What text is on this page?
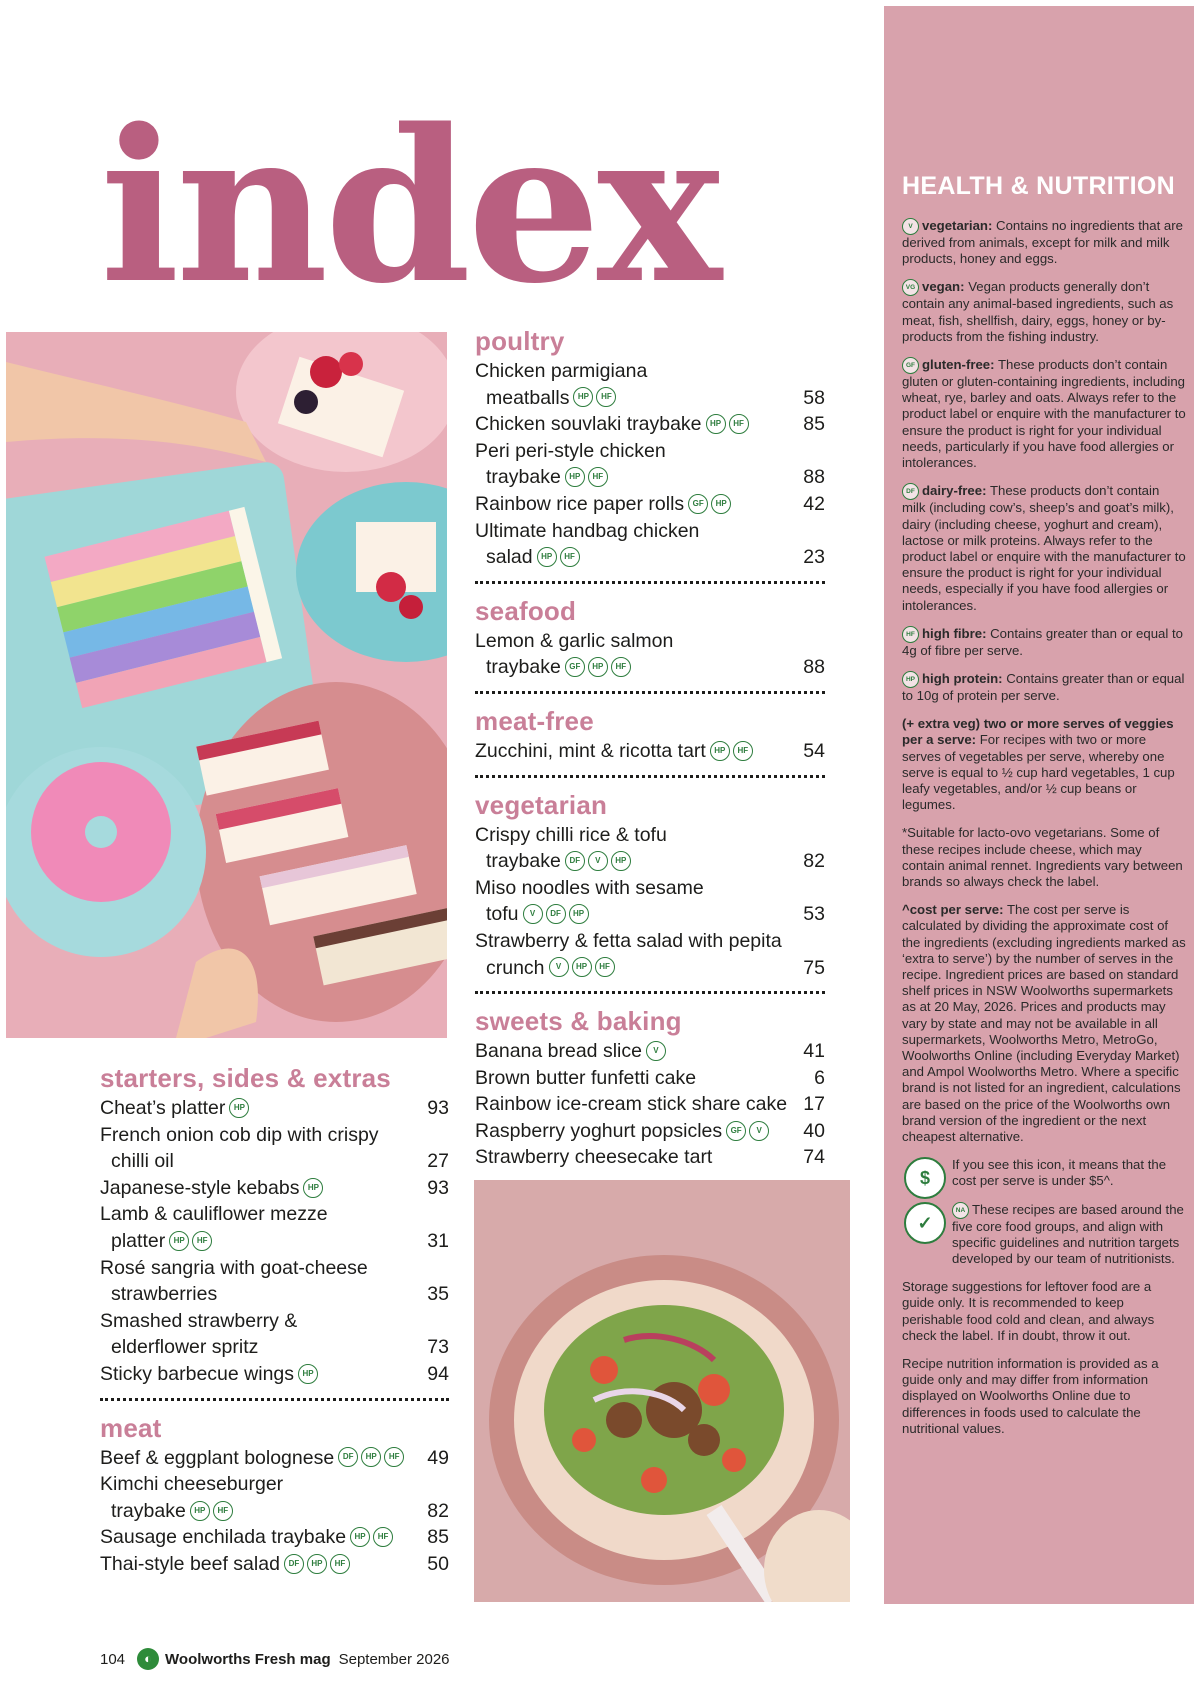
index
starters, sides & extras
Cheat’s platter HP	93
French onion cob dip with crispy
chilli oil	27
Japanese-style kebabs HP	93
Lamb & cauliflower mezze
platter HP HF	31
Rosé sangria with goat-cheese
strawberries	35
Smashed strawberry &
elderflower spritz	73
Sticky barbecue wings HP	94
meat
Beef & eggplant bolognese DF HP HF 49
Kimchi cheeseburger
traybake HP HF	82
Sausage enchilada traybake HP HF 85
Thai-style beef salad DF HP HF	50
poultry
Chicken parmigiana
meatballs HP HF	58
Chicken souvlaki traybake HP HF	85
Peri peri-style chicken
traybake HP HF	88
Rainbow rice paper rolls GF HP	42
Ultimate handbag chicken
salad HP HF	23
seafood
Lemon & garlic salmon
traybake GF HP HF	88
meat-free
Zucchini, mint & ricotta tart HP HF	54
vegetarian
Crispy chilli rice & tofu
traybake DF V HP	82
Miso noodles with sesame
tofu V DF HP	53
Strawberry & fetta salad with pepita
crunch V HP HF	75
sweets & baking
Banana bread slice V	41
Brown butter funfetti cake	6
Rainbow ice-cream stick share cake 17
Raspberry yoghurt popsicles GF V 40
Strawberry cheesecake tart	74
HEALTH & NUTRITION

V vegetarian: Contains no ingredients that are derived from animals, except for milk and milk products, honey and eggs.

VG vegan: Vegan products generally don’t contain any animal-based ingredients, such as meat, fish, shellfish, dairy, eggs, honey or by-products from the fishing industry.

GF gluten-free: These products don’t contain gluten or gluten-containing ingredients, including wheat, rye, barley and oats. Always refer to the product label or enquire with the manufacturer to ensure the product is right for your individual needs, particularly if you have food allergies or intolerances.

DF dairy-free: These products don’t contain milk (including cow’s, sheep’s and goat’s milk), dairy (including cheese, yoghurt and cream), lactose or milk proteins. Always refer to the product label or enquire with the manufacturer to ensure the product is right for your individual needs, especially if you have food allergies or intolerances.

HF high fibre: Contains greater than or equal to 4g of fibre per serve.

HP high protein: Contains greater than or equal to 10g of protein per serve.

(+ extra veg) two or more serves of veggies per a serve: For recipes with two or more serves of vegetables per serve, whereby one serve is equal to ½ cup hard vegetables, 1 cup leafy vegetables, and/or ½ cup beans or legumes.

*Suitable for lacto-ovo vegetarians. Some of these recipes include cheese, which may contain animal rennet. Ingredients vary between brands so always check the label.

^cost per serve: The cost per serve is calculated by dividing the approximate cost of the ingredients (excluding ingredients marked as ‘extra to serve’) by the number of serves in the recipe. Ingredient prices are based on standard shelf prices in NSW Woolworths supermarkets as at 20 May, 2026. Prices and products may vary by state and may not be available in all supermarkets, Woolworths Metro, MetroGo, Woolworths Online (including Everyday Market) and Ampol Woolworths Metro. Where a specific brand is not listed for an ingredient, calculations are based on the price of the Woolworths own brand version of the ingredient or the next cheapest alternative.

$
If you see this icon, it means that the cost per serve is under $5^.
✓
NA These recipes are based around the five core food groups, and align with specific guidelines and nutrition targets developed by our team of nutritionists.

Storage suggestions for leftover food are a guide only. It is recommended to keep perishable food cold and clean, and always check the label. If in doubt, throw it out.

Recipe nutrition information is provided as a guide only and may differ from information displayed on Woolworths Online due to differences in foods used to calculate the nutritional values.

104 ◐ Woolworths Fresh mag September 2026
